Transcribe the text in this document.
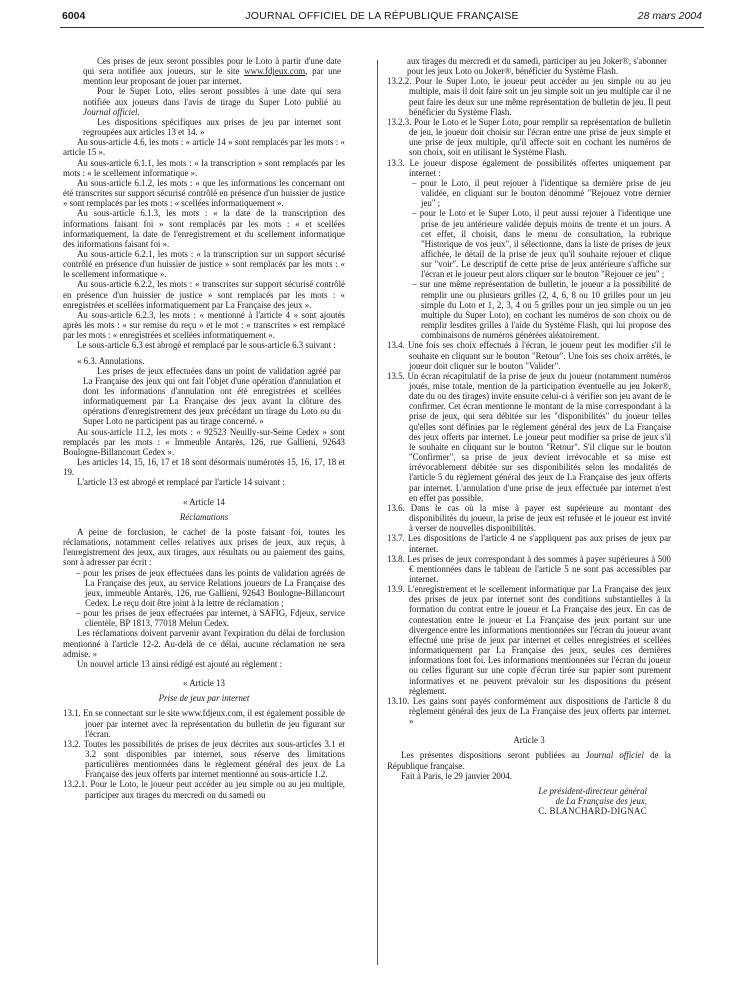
6004	JOURNAL OFFICIEL DE LA RÉPUBLIQUE FRANÇAISE	28 mars 2004

Ces prises de jeux seront possibles pour le Loto à partir d'une date qui sera notifiée aux joueurs, sur le site www.fdjeux.com, par une mention leur proposant de jouer par internet.

Pour le Super Loto, elles seront possibles à une date qui sera notifiée aux joueurs dans l'avis de tirage du Super Loto publié au Journal officiel.

Les dispositions spécifiques aux prises de jeu par internet sont regroupées aux articles 13 et 14. »

Au sous-article 4.6, les mots : « article 14 » sont remplacés par les mots : « article 15 ».

Au sous-article 6.1.1, les mots : « la transcription » sont remplacés par les mots : « le scellement informatique ».

Au sous-article 6.1.2, les mots : « que les informations les concernant ont été transcrites sur support sécurisé contrôlé en présence d'un huissier de justice » sont remplacés par les mots : « scellées informatiquement ».

Au sous-article 6.1.3, les mots : « la date de la transcription des informations faisant foi » sont remplacés par les mots : « et scellées informatiquement, la date de l'enregistrement et du scellement informatique des informations faisant foi ».

Au sous-article 6.2.1, les mots : « la transcription sur un support sécurisé contrôlé en présence d'un huissier de justice » sont remplacés par les mots : « le scellement informatique ».

Au sous-article 6.2.2, les mots : « transcrites sur support sécurisé contrôlé en présence d'un huissier de justice » sont remplacés par les mots : « enregistrées et scellées informatiquement par La Française des jeux ».

Au sous-article 6.2.3, les mots : « mentionné à l'article 4 » sont ajoutés après les mots : « sur remise du reçu » et le mot : « transcrites » est remplacé par les mots : « enregistrées et scellées informatiquement ».

Le sous-article 6.3 est abrogé et remplacé par le sous-article 6.3 suivant :

« 6.3. Annulations.

Les prises de jeux effectuées dans un point de validation agréé par La Française des jeux qui ont fait l'objet d'une opération d'annulation et dont les informations d'annulation ont été enregistrées et scellées informatiquement par La Française des jeux avant la clôture des opérations d'enregistrement des jeux précédant un tirage du Loto ou du Super Loto ne participent pas au tirage concerné. »

Au sous-article 11.2, les mots : « 92523 Neuilly-sur-Seine Cedex » sont remplacés par les mots : « Immeuble Antarès, 126, rue Gallieni, 92643 Boulogne-Billancourt Cedex ».

Les articles 14, 15, 16, 17 et 18 sont désormais numérotés 15, 16, 17, 18 et 19.

L'article 13 est abrogé et remplacé par l'article 14 suivant :

« Article 14

Réclamations

A peine de forclusion, le cachet de la poste faisant foi, toutes les réclamations, notamment celles relatives aux prises de jeux, aux reçus, à l'enregistrement des jeux, aux tirages, aux résultats ou au paiement des gains, sont à adresser par écrit :

– pour les prises de jeux effectuées dans les points de validation agréés de La Française des jeux, au service Relations joueurs de La Française des jeux, immeuble Antarès, 126, rue Gallieni, 92643 Boulogne-Billancourt Cedex. Le reçu doit être joint à la lettre de réclamation ;

– pour les prises de jeux effectuées par internet, à SAFIG, Fdjeux, service clientèle, BP 1813, 77018 Melun Cedex.

Les réclamations doivent parvenir avant l'expiration du délai de forclusion mentionné à l'article 12-2. Au-delà de ce délai, aucune réclamation ne sera admise. »

Un nouvel article 13 ainsi rédigé est ajouté au règlement :

« Article 13

Prise de jeux par internet

13.1. En se connectant sur le site www.fdjeux.com, il est également possible de jouer par internet avec la représentation du bulletin de jeu figurant sur l'écran.

13.2. Toutes les possibilités de prises de jeux décrites aux sous-articles 3.1 et 3.2 sont disponibles par internet, sous réserve des limitations particulières mentionnées dans le règlement général des jeux de La Française des jeux offerts par internet mentionné au sous-article 1.2.

13.2.1. Pour le Loto, le joueur peut accéder au jeu simple ou au jeu multiple, participer aux tirages du mercredi ou du samedi ou

aux tirages du mercredi et du samedi, participer au jeu Joker®, s'abonner pour les jeux Loto ou Joker®, bénéficier du Système Flash.

13.2.2. Pour le Super Loto, le joueur peut accéder au jeu simple ou au jeu multiple, mais il doit faire soit un jeu simple soit un jeu multiple car il ne peut faire les deux sur une même représentation de bulletin de jeu. Il peut bénéficier du Système Flash.

13.2.3. Pour le Loto et le Super Loto, pour remplir sa représentation de bulletin de jeu, le joueur doit choisir sur l'écran entre une prise de jeux simple et une prise de jeux multiple, qu'il affecte soit en cochant les numéros de son choix, soit en utilisant le Système Flash.

13.3. Le joueur dispose également de possibilités offertes uniquement par internet :

– pour le Loto, il peut rejouer à l'identique sa dernière prise de jeu validée, en cliquant sur le bouton dénommé "Rejouez votre dernier jeu" ;

– pour le Loto et le Super Loto, il peut aussi rejouer à l'identique une prise de jeu antérieure validée depuis moins de trente et un jours. A cet effet, il choisit, dans le menu de consultation, la rubrique "Historique de vos jeux", il sélectionne, dans la liste de prises de jeux affichée, le détail de la prise de jeux qu'il souhaite rejouer et clique sur "voir". Le descriptif de cette prise de jeux antérieure s'affiche sur l'écran et le joueur peut alors cliquer sur le bouton "Rejouer ce jeu" ;

– sur une même représentation de bulletin, le joueur a la possibilité de remplir une ou plusieurs grilles (2, 4, 6, 8 ou 10 grilles pour un jeu simple du Loto et 1, 2, 3, 4 ou 5 grilles pour un jeu simple ou un jeu multiple du Super Loto), en cochant les numéros de son choix ou de remplir lesdites grilles à l'aide du Système Flash, qui lui propose des combinaisons de numéros générées aléatoirement.

13.4. Une fois ses choix effectués à l'écran, le joueur peut les modifier s'il le souhaite en cliquant sur le bouton "Retour". Une fois ses choix arrêtés, le joueur doit cliquer sur le bouton "Valider".

13.5. Un écran récapitulatif de la prise de jeux du joueur (notamment numéros joués, mise totale, mention de la participation éventuelle au jeu Joker®, date du ou des tirages) invite ensuite celui-ci à vérifier son jeu avant de le confirmer. Cet écran mentionne le montant de la mise correspondant à la prise de jeux, qui sera débitée sur les "disponibilités" du joueur telles qu'elles sont définies par le règlement général des jeux de La Française des jeux offerts par internet. Le joueur peut modifier sa prise de jeux s'il le souhaite en cliquant sur le bouton "Retour". S'il clique sur le bouton "Confirmer", sa prise de jeux devient irrévocable et sa mise est irrévocablement débitée sur ses disponibilités selon les modalités de l'article 5 du règlement général des jeux de La Française des jeux offerts par internet. L'annulation d'une prise de jeux effectuée par internet n'est en effet pas possible.

13.6. Dans le cas où la mise à payer est supérieure au montant des disponibilités du joueur, la prise de jeux est refusée et le joueur est invité à verser de nouvelles disponibilités.

13.7. Les dispositions de l'article 4 ne s'appliquent pas aux prises de jeux par internet.

13.8. Les prises de jeux correspondant à des sommes à payer supérieures à 500 € mentionnées dans le tableau de l'article 5 ne sont pas accessibles par internet.

13.9. L'enregistrement et le scellement informatique par La Française des jeux des prises de jeux par internet sont des conditions substantielles à la formation du contrat entre le joueur et La Française des jeux. En cas de contestation entre le joueur et La Française des jeux portant sur une divergence entre les informations mentionnées sur l'écran du joueur avant effectué une prise de jeux par internet et celles enregistrées et scellées informatiquement par La Française des jeux, seules ces dernières informations font foi. Les informations mentionnées sur l'écran du joueur ou celles figurant sur une copie d'écran tirée sur papier sont purement informatives et ne peuvent prévaloir sur les dispositions du présent règlement.

13.10. Les gains sont payés conformément aux dispositions de l'article 8 du règlement général des jeux de La Française des jeux offerts par internet. »

Article 3

Les présentes dispositions seront publiées au Journal officiel de la République française.

Fait à Paris, le 29 janvier 2004.

Le président-directeur général

de La Française des jeux,

C. BLANCHARD-DIGNAC
